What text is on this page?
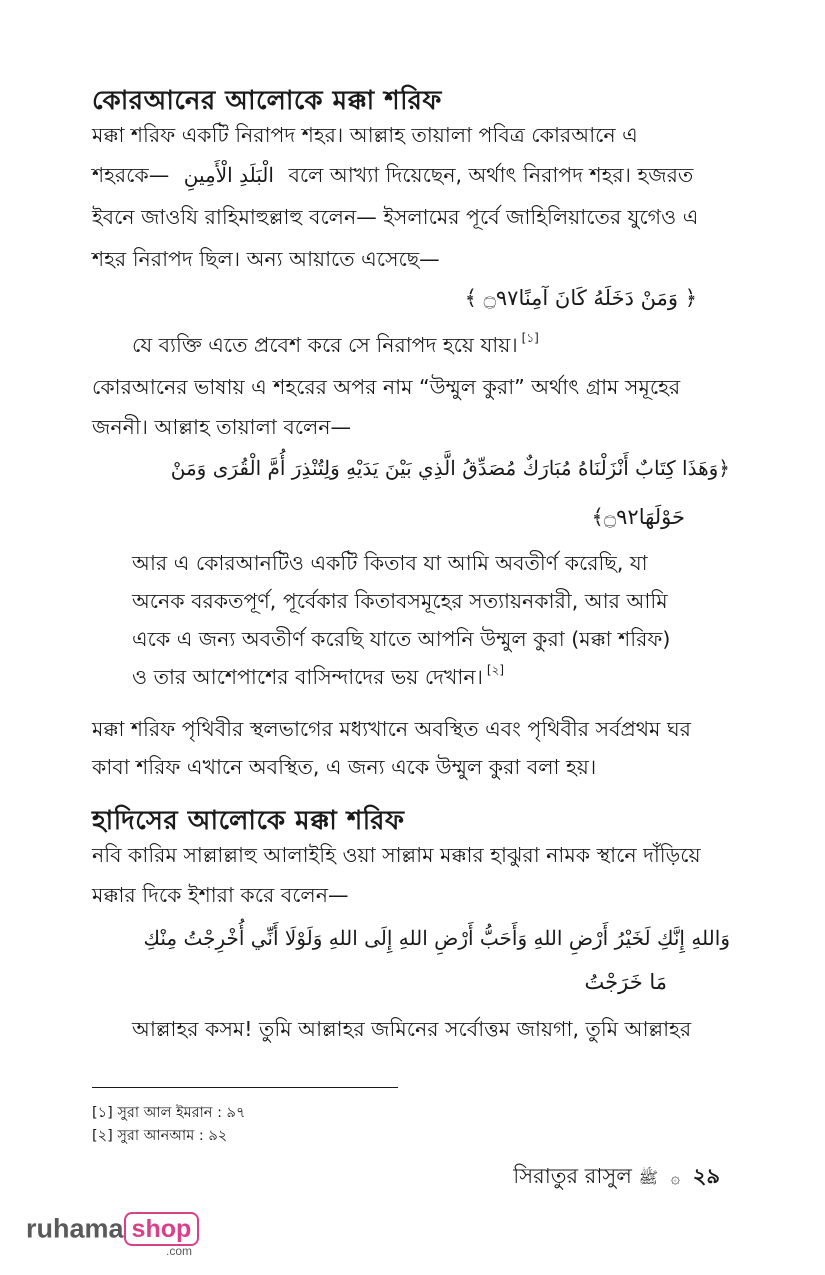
কোরআনের আলোকে মক্কা শরিফ
মক্কা শরিফ একটি নিরাপদ শহর। আল্লাহ তায়ালা পবিত্র কোরআনে এ
শহরকে— الْبَلَدِ الْأَمِينِ বলে আখ্যা দিয়েছেন, অর্থাৎ নিরাপদ শহর। হজরত
ইবনে জাওযি রাহিমাহুল্লাহু বলেন— ইসলামের পূর্বে জাহিলিয়াতের যুগেও এ
শহর নিরাপদ ছিল। অন্য আয়াতে এসেছে—
﴿ وَمَنْ دَخَلَهُ كَانَ آمِنًا۝٩٧ ﴾
যে ব্যক্তি এতে প্রবেশ করে সে নিরাপদ হয়ে যায়। [১]
কোরআনের ভাষায় এ শহরের অপর নাম “উম্মুল কুরা” অর্থাৎ গ্রাম সমূহের
জননী। আল্লাহ তায়ালা বলেন—
﴿وَهَذَا كِتَابٌ أَنْزَلْنَاهُ مُبَارَكٌ مُصَدِّقُ الَّذِي بَيْنَ يَدَيْهِ وَلِتُنْذِرَ أُمَّ الْقُرَى وَمَنْ
حَوْلَهَا۝٩٢﴾
আর এ কোরআনটিও একটি কিতাব যা আমি অবতীর্ণ করেছি, যা
অনেক বরকতপূর্ণ, পূর্বেকার কিতাবসমূহের সত্যায়নকারী, আর আমি
একে এ জন্য অবতীর্ণ করেছি যাতে আপনি উম্মুল কুরা (মক্কা শরিফ)
ও তার আশেপাশের বাসিন্দাদের ভয় দেখান। [২]
মক্কা শরিফ পৃথিবীর স্থলভাগের মধ্যখানে অবস্থিত এবং পৃথিবীর সর্বপ্রথম ঘর
কাবা শরিফ এখানে অবস্থিত, এ জন্য একে উম্মুল কুরা বলা হয়।
হাদিসের আলোকে মক্কা শরিফ
নবি কারিম সাল্লাল্লাহু আলাইহি ওয়া সাল্লাম মক্কার হাঝুরা নামক স্থানে দাঁড়িয়ে
মক্কার দিকে ইশারা করে বলেন—
وَاللهِ إِنَّكِ لَخَيْرُ أَرْضِ اللهِ وَأَحَبُّ أَرْضِ اللهِ إِلَى اللهِ وَلَوْلَا أَنِّي أُخْرِجْتُ مِنْكِ
مَا خَرَجْتُ
আল্লাহর কসম! তুমি আল্লাহর জমিনের সর্বোত্তম জায়গা, তুমি আল্লাহর
[১] সুরা আল ইমরান : ৯৭
[২] সুরা আনআম : ৯২
সিরাতুর রাসুল ﷺ ۞ ২৯
ruhama shop
.com
